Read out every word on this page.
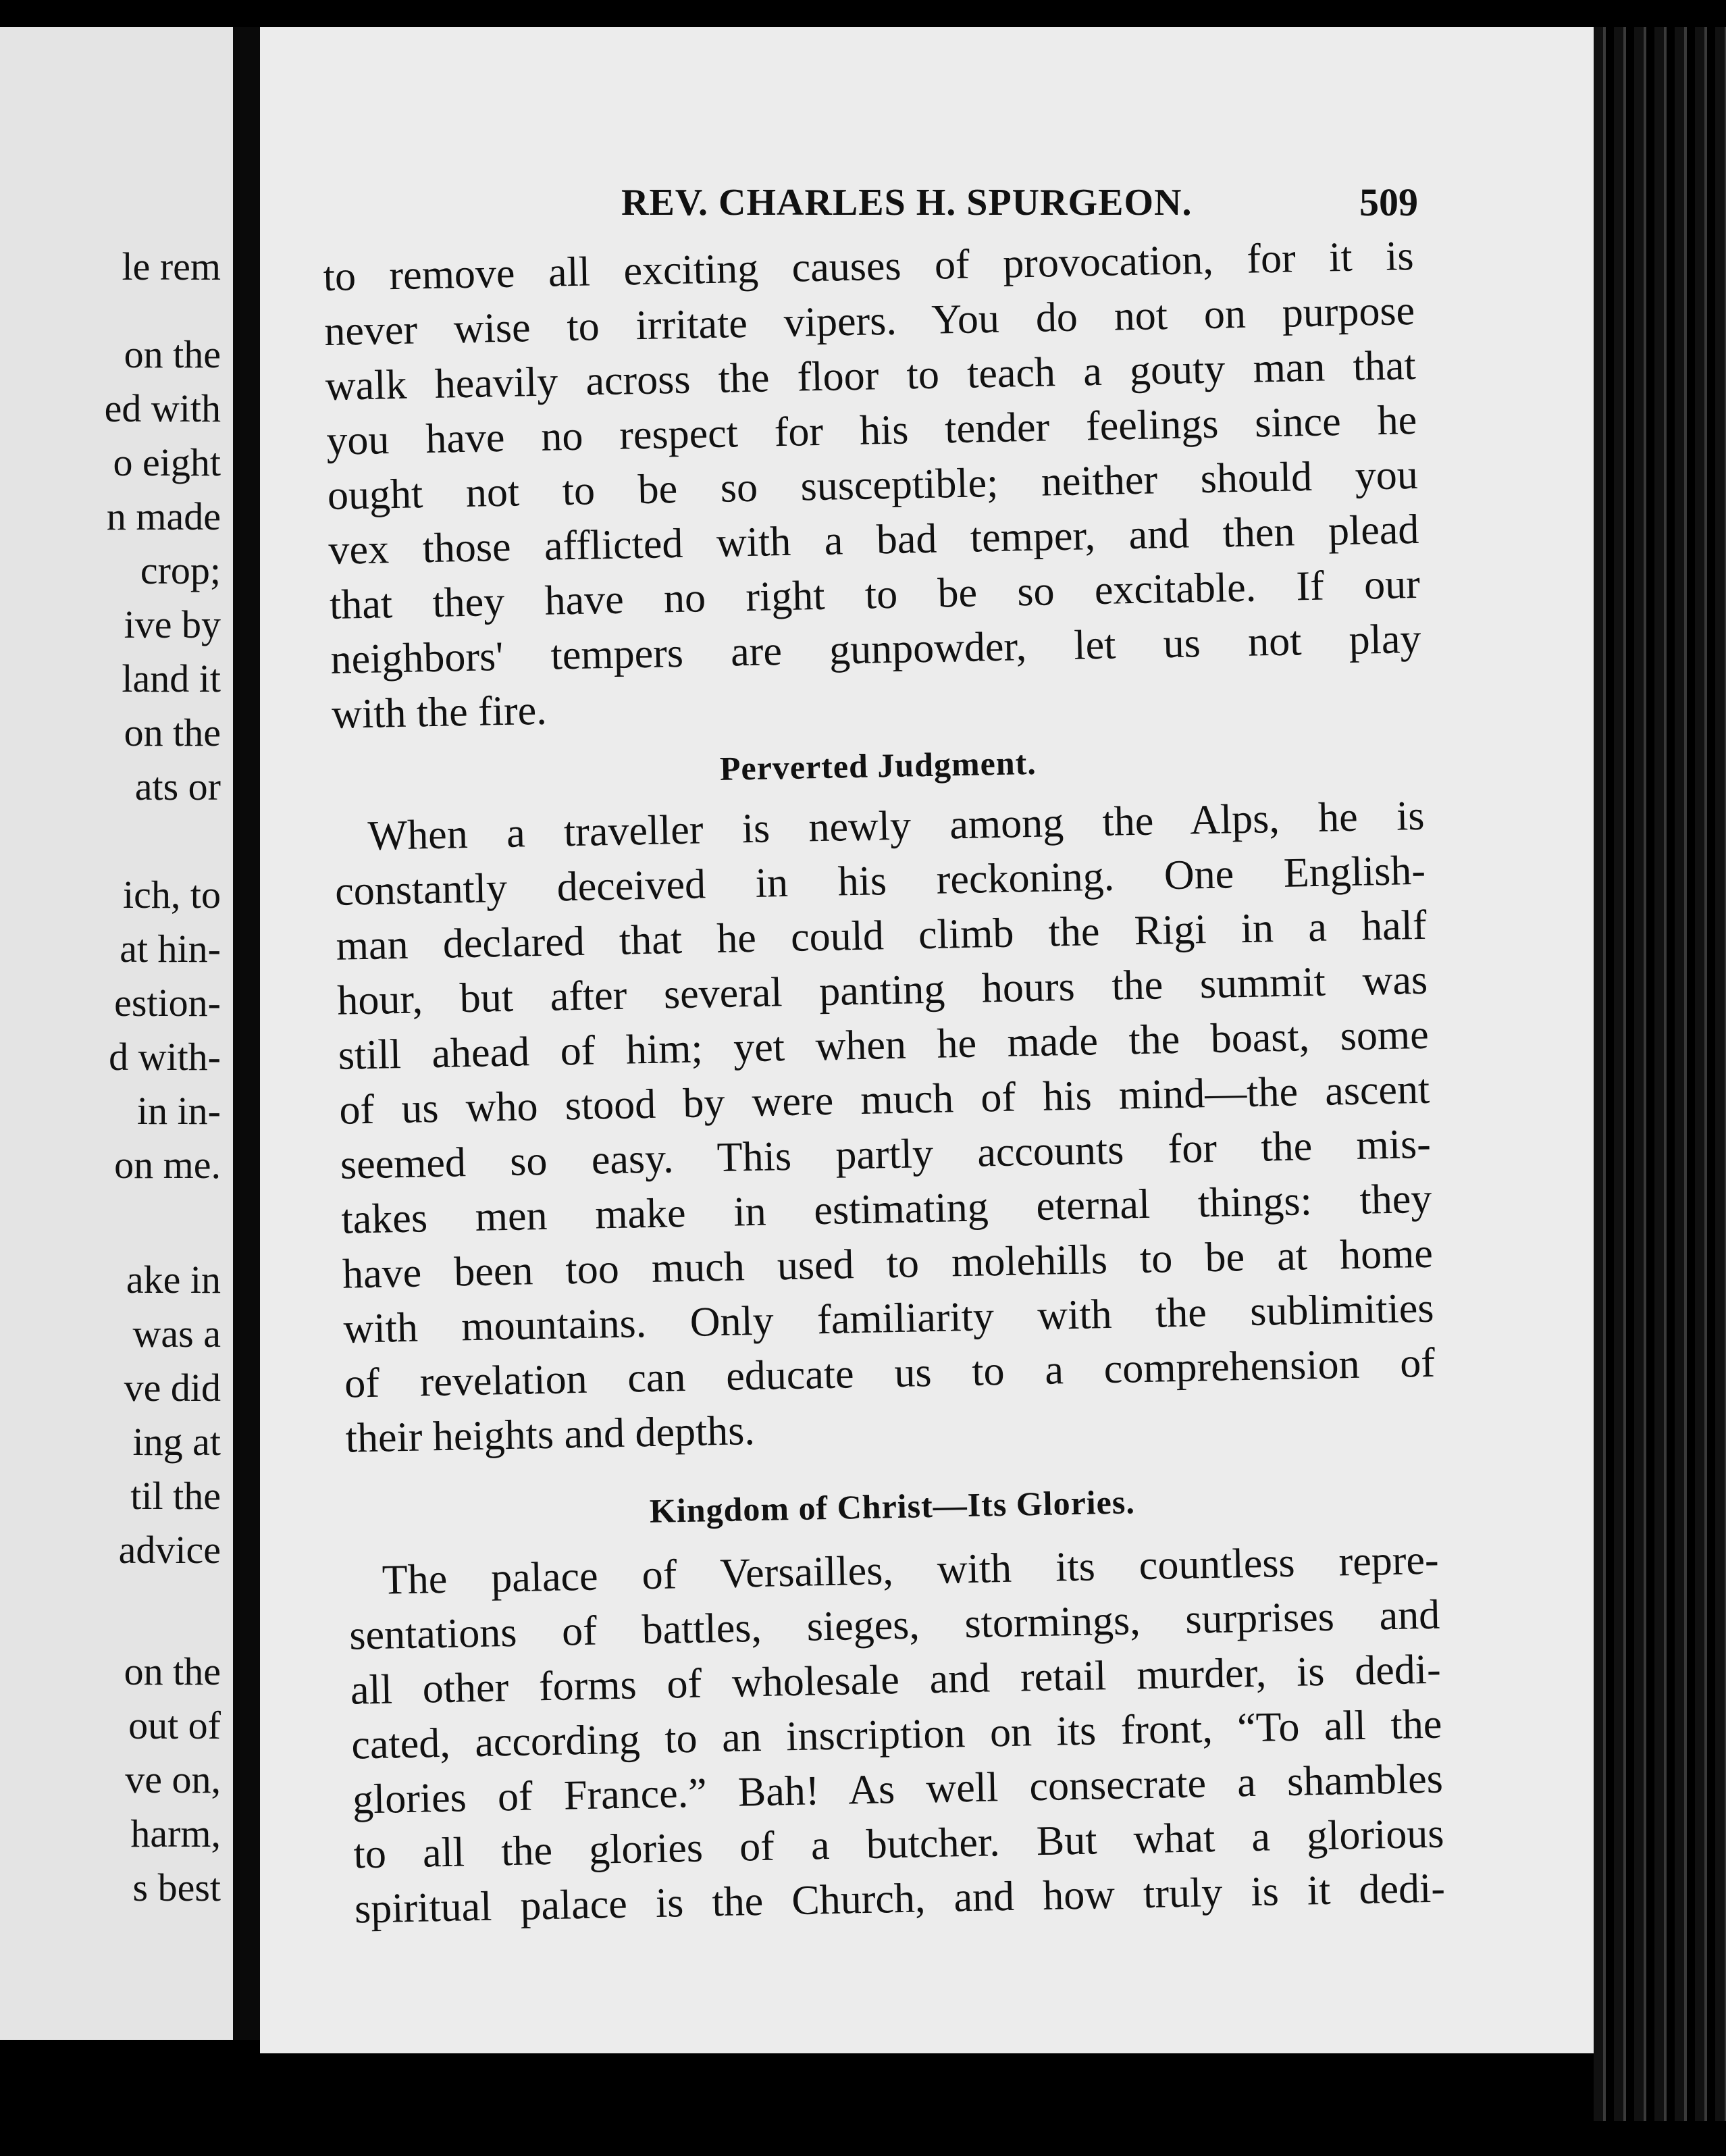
le rem
on the
ed with
o eight
n made
crop;
ive by
land it
on the
ats or
ich, to
at hin-
estion-
d with-
in in-
on me.
ake in
was a
ve did
ing at
til the
advice
on the
out of
ve on,
harm,
s best
REV. CHARLES H. SPURGEON.	509
to remove all exciting causes of provocation, for it is
never wise to irritate vipers. You do not on purpose
walk heavily across the floor to teach a gouty man that
you have no respect for his tender feelings since he
ought not to be so susceptible; neither should you
vex those afflicted with a bad temper, and then plead
that they have no right to be so excitable. If our
neighbors' tempers are gunpowder, let us not play
with the fire.
Perverted Judgment.
When a traveller is newly among the Alps, he is
constantly deceived in his reckoning. One English-
man declared that he could climb the Rigi in a half
hour, but after several panting hours the summit was
still ahead of him; yet when he made the boast, some
of us who stood by were much of his mind—the ascent
seemed so easy. This partly accounts for the mis-
takes men make in estimating eternal things: they
have been too much used to molehills to be at home
with mountains. Only familiarity with the sublimities
of revelation can educate us to a comprehension of
their heights and depths.
Kingdom of Christ—Its Glories.
The palace of Versailles, with its countless repre-
sentations of battles, sieges, stormings, surprises and
all other forms of wholesale and retail murder, is dedi-
cated, according to an inscription on its front, “To all the
glories of France.” Bah! As well consecrate a shambles
to all the glories of a butcher. But what a glorious
spiritual palace is the Church, and how truly is it dedi-
